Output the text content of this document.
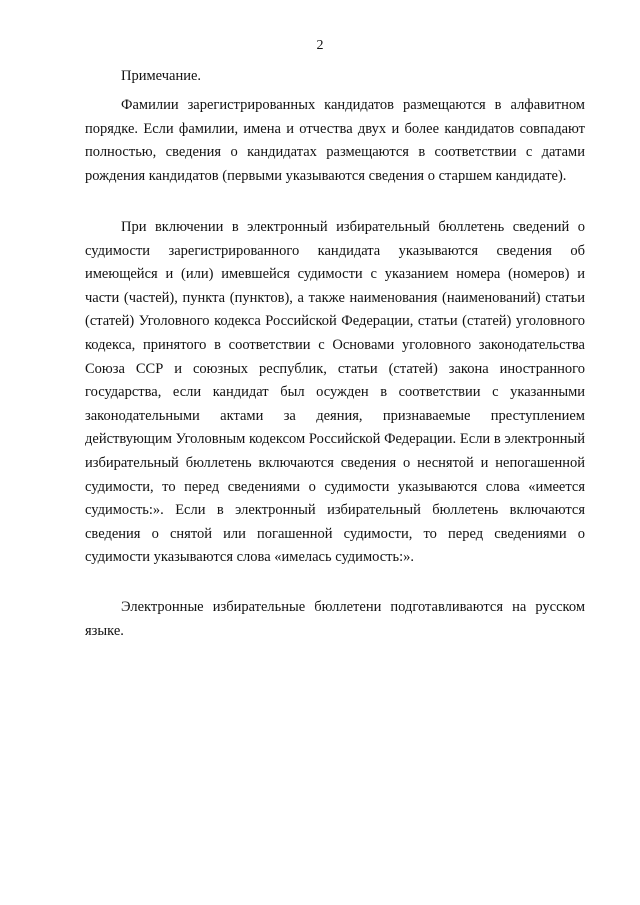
2
Примечание.

Фамилии зарегистрированных кандидатов размещаются в алфавитном порядке. Если фамилии, имена и отчества двух и более кандидатов совпадают полностью, сведения о кандидатах размещаются в соответствии с датами рождения кандидатов (первыми указываются сведения о старшем кандидате).

При включении в электронный избирательный бюллетень сведений о судимости зарегистрированного кандидата указываются сведения об имеющейся и (или) имевшейся судимости с указанием номера (номеров) и части (частей), пункта (пунктов), а также наименования (наименований) статьи (статей) Уголовного кодекса Российской Федерации, статьи (статей) уголовного кодекса, принятого в соответствии с Основами уголовного законодательства Союза ССР и союзных республик, статьи (статей) закона иностранного государства, если кандидат был осужден в соответствии с указанными законодательными актами за деяния, признаваемые преступлением действующим Уголовным кодексом Российской Федерации. Если в электронный избирательный бюллетень включаются сведения о неснятой и непогашенной судимости, то перед сведениями о судимости указываются слова «имеется судимость:». Если в электронный избирательный бюллетень включаются сведения о снятой или погашенной судимости, то перед сведениями о судимости указываются слова «имелась судимость:».

Электронные избирательные бюллетени подготавливаются на русском языке.
